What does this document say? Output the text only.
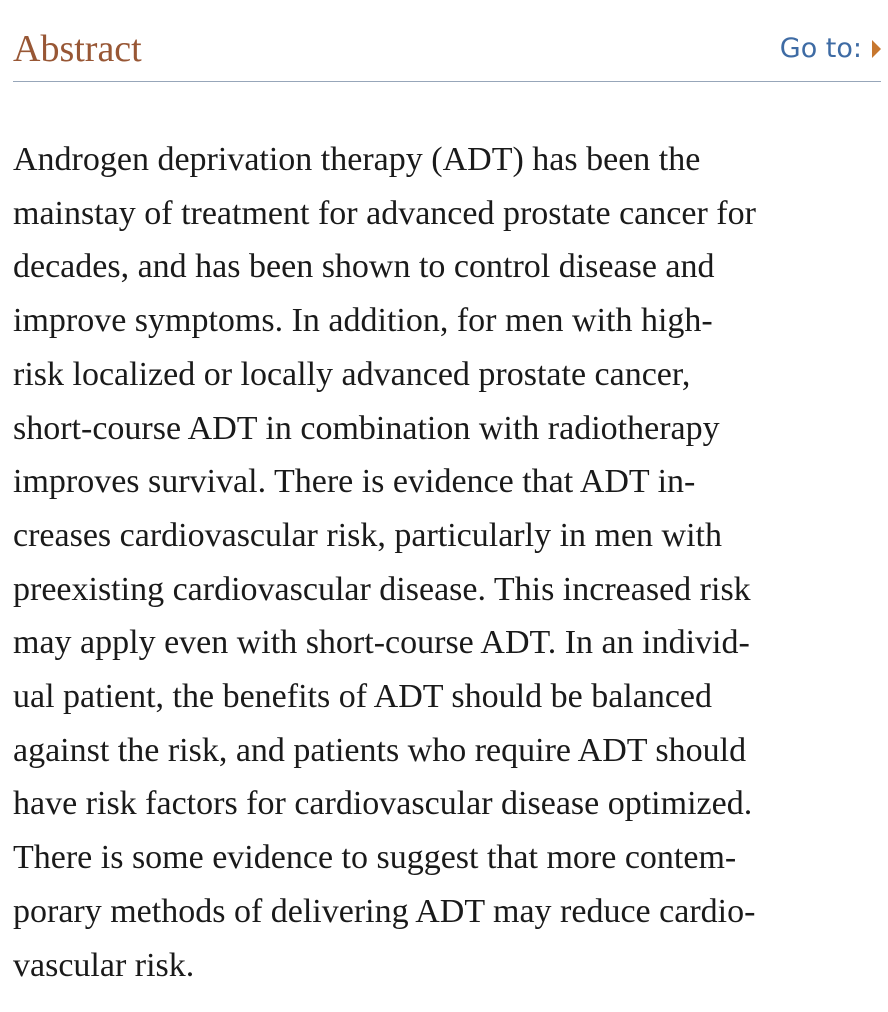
Abstract	Go to:

Androgen deprivation therapy (ADT) has been the
mainstay of treatment for advanced prostate cancer for
decades, and has been shown to control disease and
improve symptoms. In addition, for men with high-
risk localized or locally advanced prostate cancer,
short-course ADT in combination with radiotherapy
improves survival. There is evidence that ADT in-
creases cardiovascular risk, particularly in men with
preexisting cardiovascular disease. This increased risk
may apply even with short-course ADT. In an individ-
ual patient, the benefits of ADT should be balanced
against the risk, and patients who require ADT should
have risk factors for cardiovascular disease optimized.
There is some evidence to suggest that more contem-
porary methods of delivering ADT may reduce cardio-
vascular risk.
